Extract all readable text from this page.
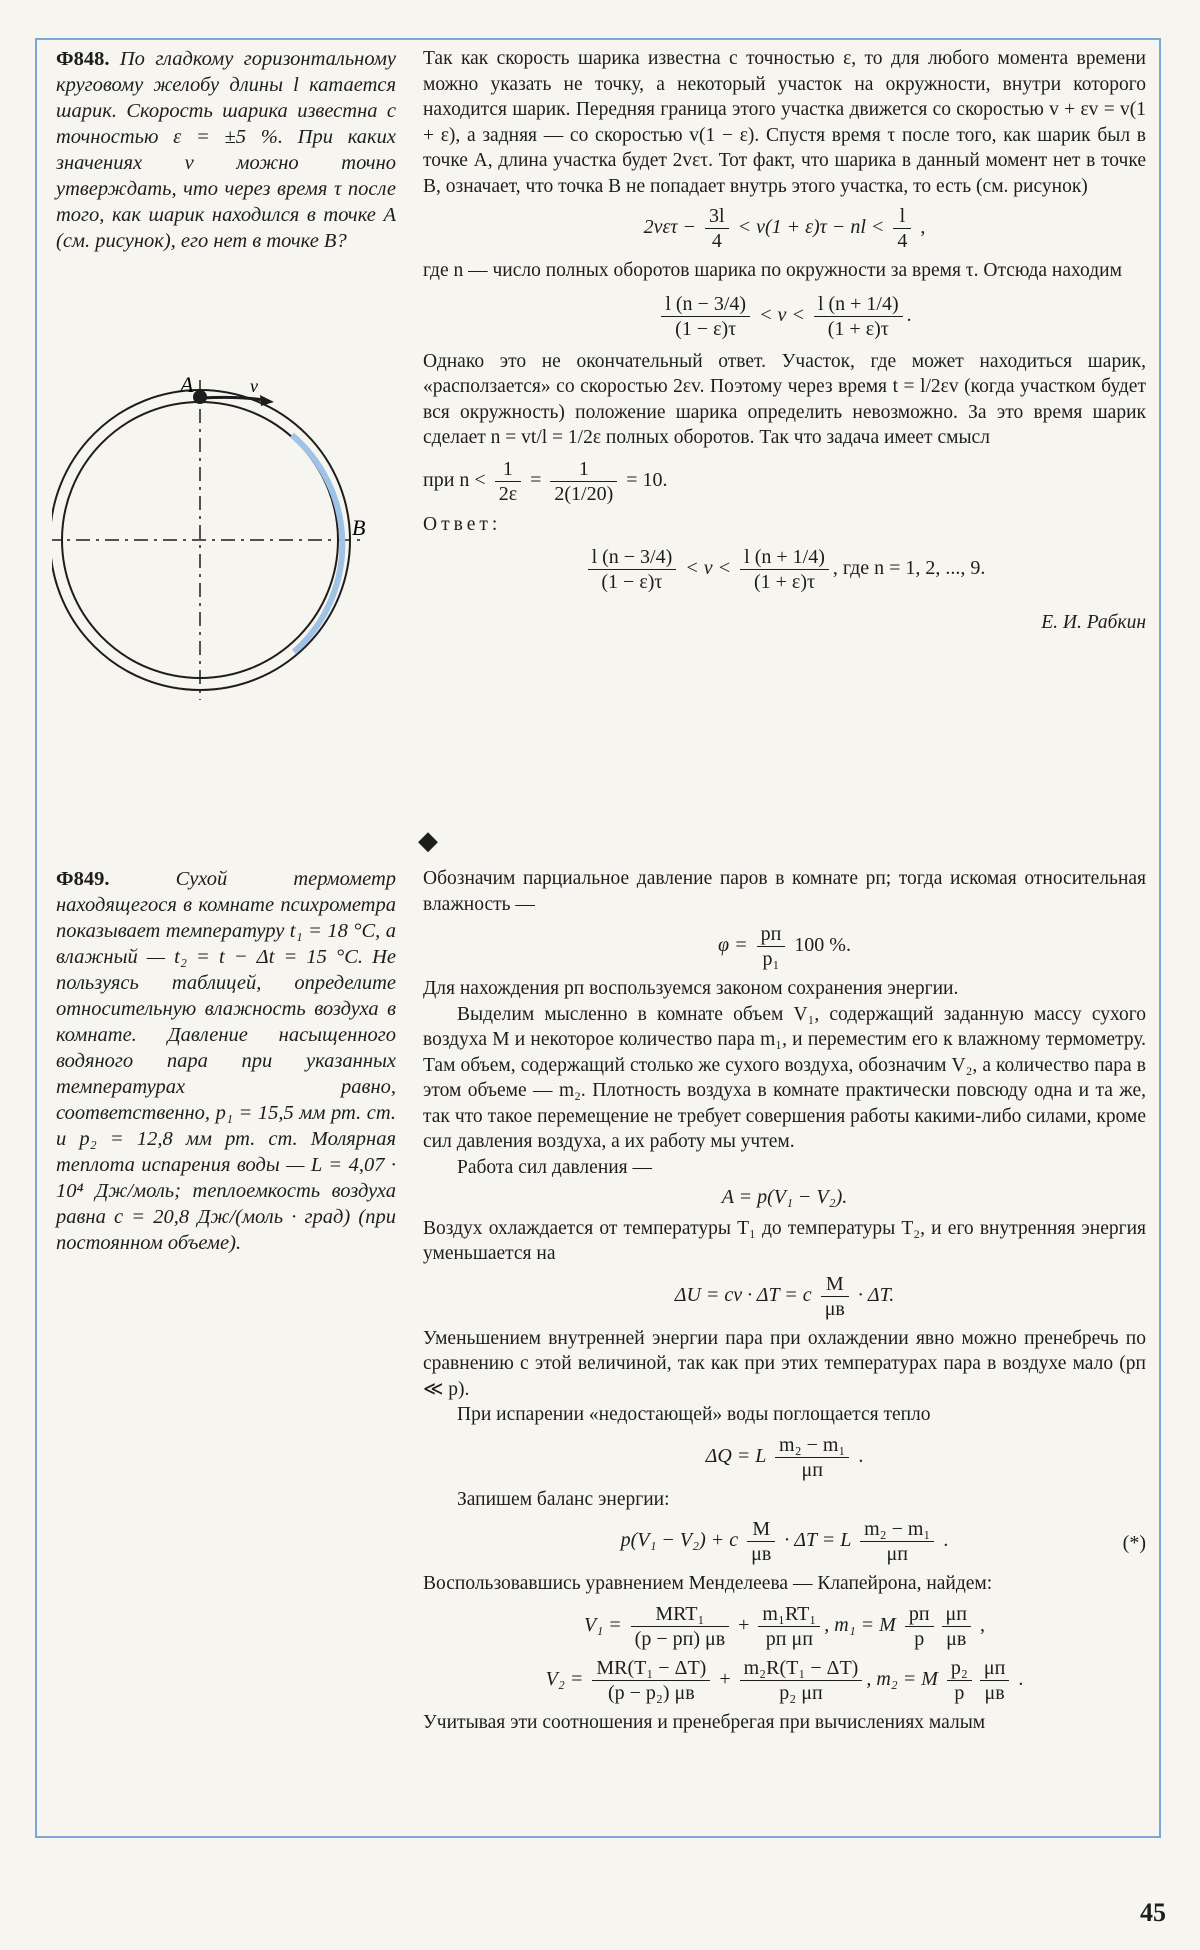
Ф848. По гладкому горизонтальному круговому желобу длины l катается шарик. Скорость шарика известна с точностью ε = ±5 %. При каких значениях v можно точно утверждать, что через время τ после того, как шарик находился в точке A (см. рисунок), его нет в точке B?
A	v
B

Так как скорость шарика известна с точностью ε, то для любого момента времени можно указать не точку, а некоторый участок на окружности, внутри которого находится шарик. Передняя граница этого участка движется со скоростью v + εv = v(1 + ε), а задняя — со скоростью v(1 − ε). Спустя время τ после того, как шарик был в точке A, длина участка будет 2vετ. Тот факт, что шарика в данный момент нет в точке B, означает, что точка B не попадает внутрь этого участка, то есть (см. рисунок)

$2v\varepsilon\tau - \frac{3l}{4} < v(1 + \varepsilon)\tau$ − nl < $\frac{l}{4}$ ,

где n — число полных оборотов шарика по окружности за время τ. Отсюда находим

$\frac{l (n - 3/4)}{(1 - \varepsilon)\tau} < v < \frac{l (n + 1/4)}{(1 + \varepsilon)\tau}$ .

Однако это не окончательный ответ. Участок, где может находиться шарик, «расползается» со скоростью 2εv. Поэтому через время t = l/2εv (когда участком будет вся окружность) положение шарика определить невозможно. За это время шарик сделает n = vt/l = 1/2ε полных оборотов. Так что задача имеет смысл

при $n < \frac{1}{2\varepsilon} = \frac{1}{2(1/20)} = 10$.

Ответ:

$\frac{l (n - 3/4)}{(1 - \varepsilon)\tau} < v < \frac{l (n + 1/4)}{(1 + \varepsilon)\tau}$ , где n = 1, 2, ..., 9.

Е. И. Рабкин

◆
Ф849.	Сухой термометр находящегося в комнате психрометра показывает температуру t₁ = 18 °C, а влажный — t₂ = t − Δt = 15 °C. Не пользуясь таблицей, определите относительную влажность воздуха в комнате. Давление насыщенного водяного пара при указанных температурах равно, соответственно, p₁ = 15,5 мм рт. ст. и p₂ = 12,8 мм рт. ст. Молярная теплота испарения воды — L = 4,07 · 10⁴ Дж/моль; теплоемкость воздуха равна c = 20,8 Дж/(моль · град) (при постоянном объеме).

Обозначим парциальное давление паров в комнате pп; тогда искомая относительная влажность —

$\varphi = \frac{pп}{\text{p₁}} 100$ %.

Для нахождения pп воспользуемся законом сохранения энергии.

Выделим мысленно в комнате объем V₁, содержащий заданную массу сухого воздуха M и некоторое количество пара m₁, и переместим его к влажному термометру. Там объем, содержащий столько же сухого воздуха, обозначим V₂, а количество пара в этом объеме — m₂. Плотность воздуха в комнате практически повсюду одна и та же, так что такое перемещение не требует совершения работы какими-либо силами, кроме сил давления воздуха, а их работу мы учтем.

Работа сил давления —

A = p(V₁ − V₂).

Воздух охлаждается от температуры T₁ до температуры T₂, и его внутренняя энергия уменьшается на

ΔU = cν · ΔT = c $\frac{M}{\mu в} \cdot \Delta T$.

Уменьшением внутренней энергии пара при охлаждении явно можно пренебречь по сравнению с этой величиной, так как при этих температурах пара в воздухе мало (pп ≪ p).

При испарении «недостающей» воды поглощается тепло

ΔQ = L $\frac{\text{m₂ − m₁}}{\mu п}$ .

Запишем баланс энергии:

p(V₁ − V₂) + c $\frac{M}{\mu в} \cdot \Delta T = L \frac{\text{m₂ − m₁}}{\mu п}$ .	(*)

Воспользовавшись уравнением Менделеева — Клапейрона, найдем:

$V_1 = \frac{\text{MRT₁}}{(p - pп) \mu в} + \frac{\text{m₁RT₁}}{\text{pп μп}}$ , m₁ = M $\frac{pп}{p} \frac{\mu п}{\mu в}$ ,
$V_2 = \frac{\text{MR(T₁ − ΔT)}}{\text{(p − p₂) μв}} + \frac{\text{m₂R(T₁ − ΔT)}}{\text{p₂ μп}}$ , m₂ = M $\frac{\text{p₂}}{p} \frac{\mu п}{\mu в}$ .

Учитывая эти соотношения и пренебрегая при вычислениях малым

45
